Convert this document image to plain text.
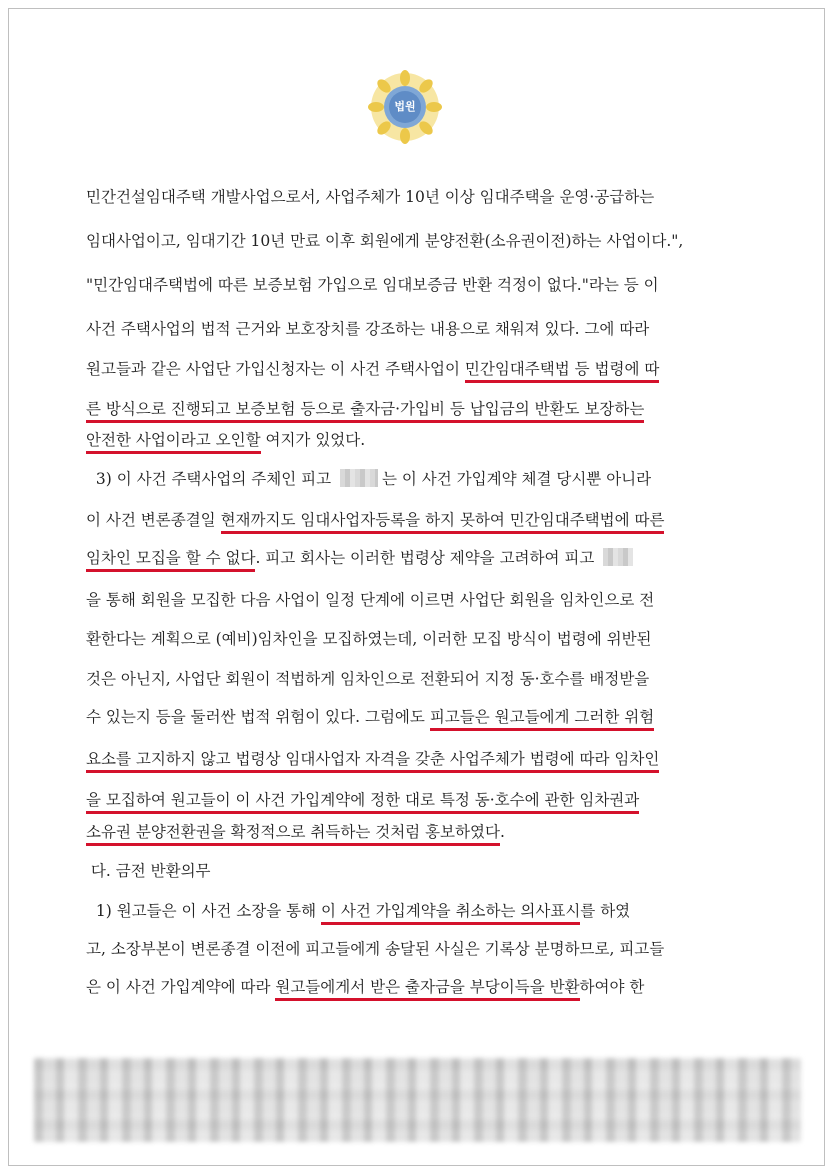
법원
민간건설임대주택 개발사업으로서, 사업주체가 10년 이상 임대주택을 운영·공급하는
임대사업이고, 임대기간 10년 만료 이후 회원에게 분양전환(소유권이전)하는 사업이다.",
"민간임대주택법에 따른 보증보험 가입으로 임대보증금 반환 걱정이 없다."라는 등 이
사건 주택사업의 법적 근거와 보호장치를 강조하는 내용으로 채워져 있다. 그에 따라
원고들과 같은 사업단 가입신청자는 이 사건 주택사업이 민간임대주택법 등 법령에 따
른 방식으로 진행되고 보증보험 등으로 출자금·가입비 등 납입금의 반환도 보장하는
안전한 사업이라고 오인할 여지가 있었다.
3) 이 사건 주택사업의 주체인 피고	는 이 사건 가입계약 체결 당시뿐 아니라
이 사건 변론종결일 현재까지도 임대사업자등록을 하지 못하여 민간임대주택법에 따른
임차인 모집을 할 수 없다. 피고 회사는 이러한 법령상 제약을 고려하여 피고
을 통해 회원을 모집한 다음 사업이 일정 단계에 이르면 사업단 회원을 임차인으로 전
환한다는 계획으로 (예비)임차인을 모집하였는데, 이러한 모집 방식이 법령에 위반된
것은 아닌지, 사업단 회원이 적법하게 임차인으로 전환되어 지정 동·호수를 배정받을
수 있는지 등을 둘러싼 법적 위험이 있다. 그럼에도 피고들은 원고들에게 그러한 위험
요소를 고지하지 않고 법령상 임대사업자 자격을 갖춘 사업주체가 법령에 따라 임차인
을 모집하여 원고들이 이 사건 가입계약에 정한 대로 특정 동·호수에 관한 임차권과
소유권 분양전환권을 확정적으로 취득하는 것처럼 홍보하였다.
다. 금전 반환의무
1) 원고들은 이 사건 소장을 통해 이 사건 가입계약을 취소하는 의사표시를 하였
고, 소장부본이 변론종결 이전에 피고들에게 송달된 사실은 기록상 분명하므로, 피고들
은 이 사건 가입계약에 따라 원고들에게서 받은 출자금을 부당이득을 반환하여야 한
